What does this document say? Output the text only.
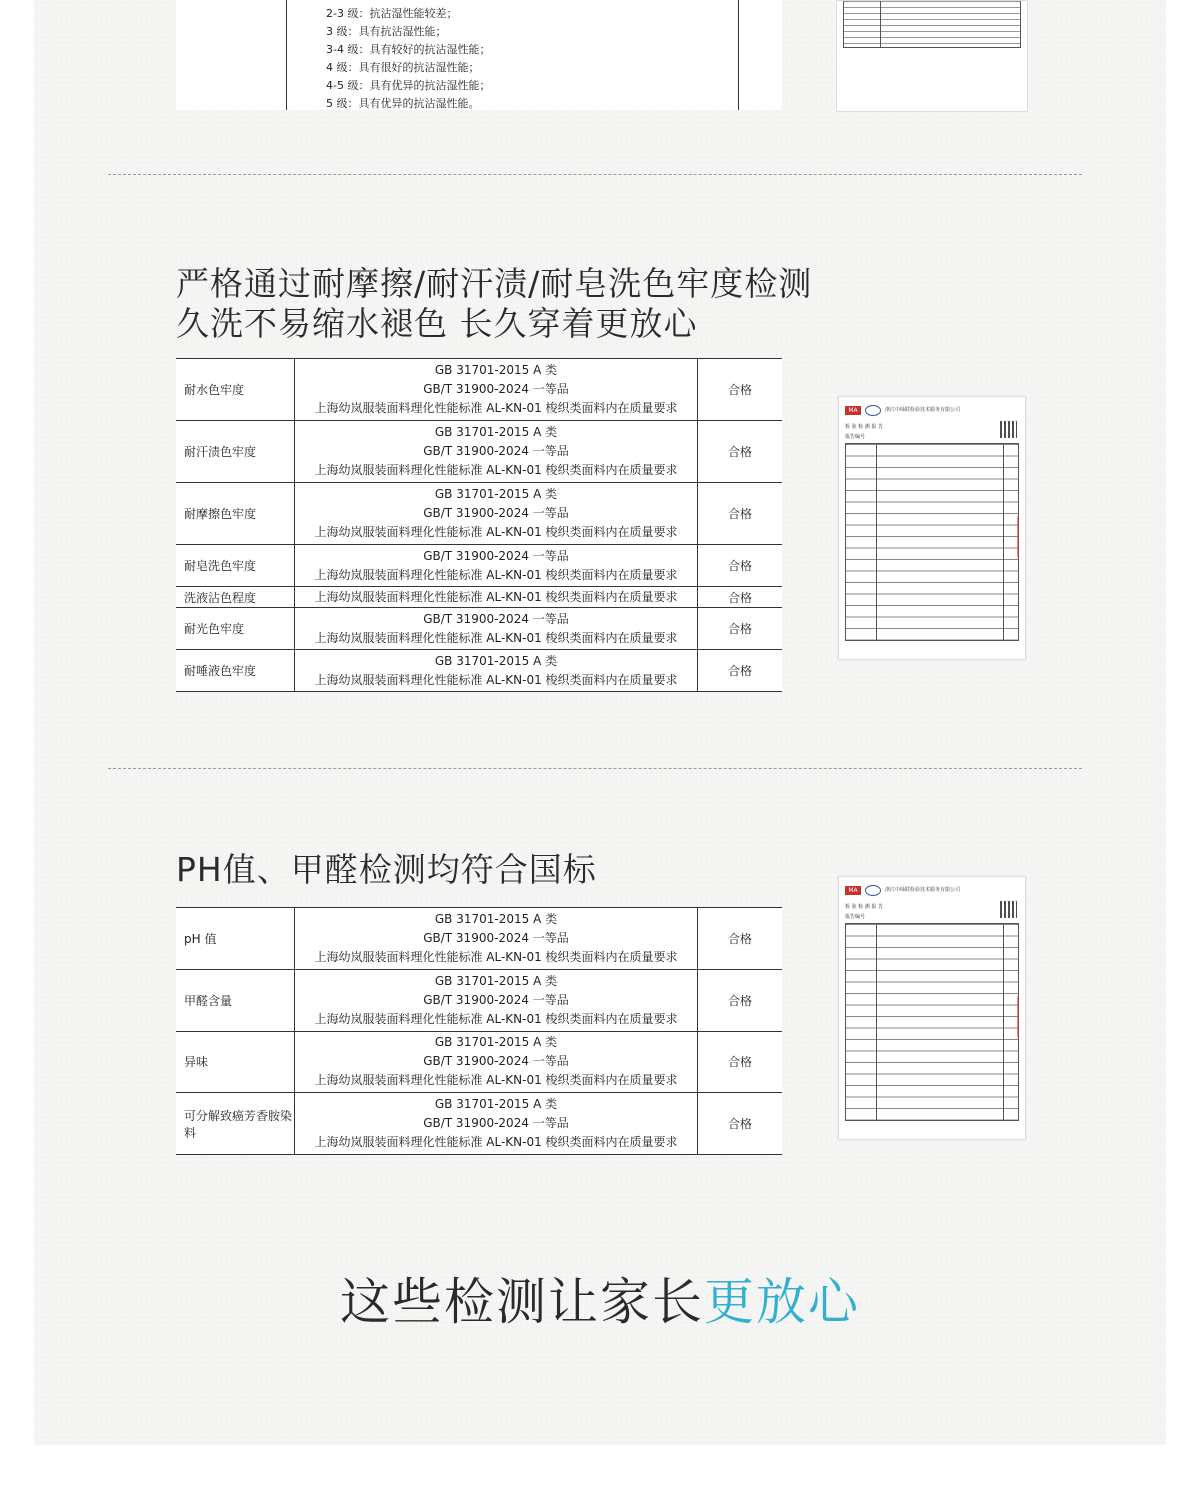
2-3 级：抗沾湿性能较差；
3 级：具有抗沾湿性能；
3-4 级：具有较好的抗沾湿性能；
4 级：具有很好的抗沾湿性能；
4-5 级：具有优异的抗沾湿性能；
5 级：具有优异的抗沾湿性能。
严格通过耐摩擦/耐汗渍/耐皂洗色牢度检测
久洗不易缩水褪色 长久穿着更放心
耐水色牢度	GB 31701-2015 A 类
GB/T 31900-2024 一等品
上海幼岚服装面料理化性能标准 AL-KN-01 梭织类面料内在质量要求	合格
耐汗渍色牢度	GB 31701-2015 A 类
GB/T 31900-2024 一等品
上海幼岚服装面料理化性能标准 AL-KN-01 梭织类面料内在质量要求	合格
耐摩擦色牢度	GB 31701-2015 A 类
GB/T 31900-2024 一等品
上海幼岚服装面料理化性能标准 AL-KN-01 梭织类面料内在质量要求	合格
耐皂洗色牢度	GB/T 31900-2024 一等品
上海幼岚服装面料理化性能标准 AL-KN-01 梭织类面料内在质量要求	合格
洗液沾色程度	上海幼岚服装面料理化性能标准 AL-KN-01 梭织类面料内在质量要求	合格
耐光色牢度	GB/T 31900-2024 一等品
上海幼岚服装面料理化性能标准 AL-KN-01 梭织类面料内在质量要求	合格
耐唾液色牢度	GB 31701-2015 A 类
上海幼岚服装面料理化性能标准 AL-KN-01 梭织类面料内在质量要求	合格
MA	浙江中绿联检验技术服务有限公司
检 验 检 测 报 告
报告编号
PH值、甲醛检测均符合国标
pH 值	GB 31701-2015 A 类
GB/T 31900-2024 一等品
上海幼岚服装面料理化性能标准 AL-KN-01 梭织类面料内在质量要求	合格
甲醛含量	GB 31701-2015 A 类
GB/T 31900-2024 一等品
上海幼岚服装面料理化性能标准 AL-KN-01 梭织类面料内在质量要求	合格
异味	GB 31701-2015 A 类
GB/T 31900-2024 一等品
上海幼岚服装面料理化性能标准 AL-KN-01 梭织类面料内在质量要求	合格
可分解致癌芳香胺染料	GB 31701-2015 A 类
GB/T 31900-2024 一等品
上海幼岚服装面料理化性能标准 AL-KN-01 梭织类面料内在质量要求	合格
MA	浙江中绿联检验技术服务有限公司
检 验 检 测 报 告
报告编号
这些检测让家长更放心
